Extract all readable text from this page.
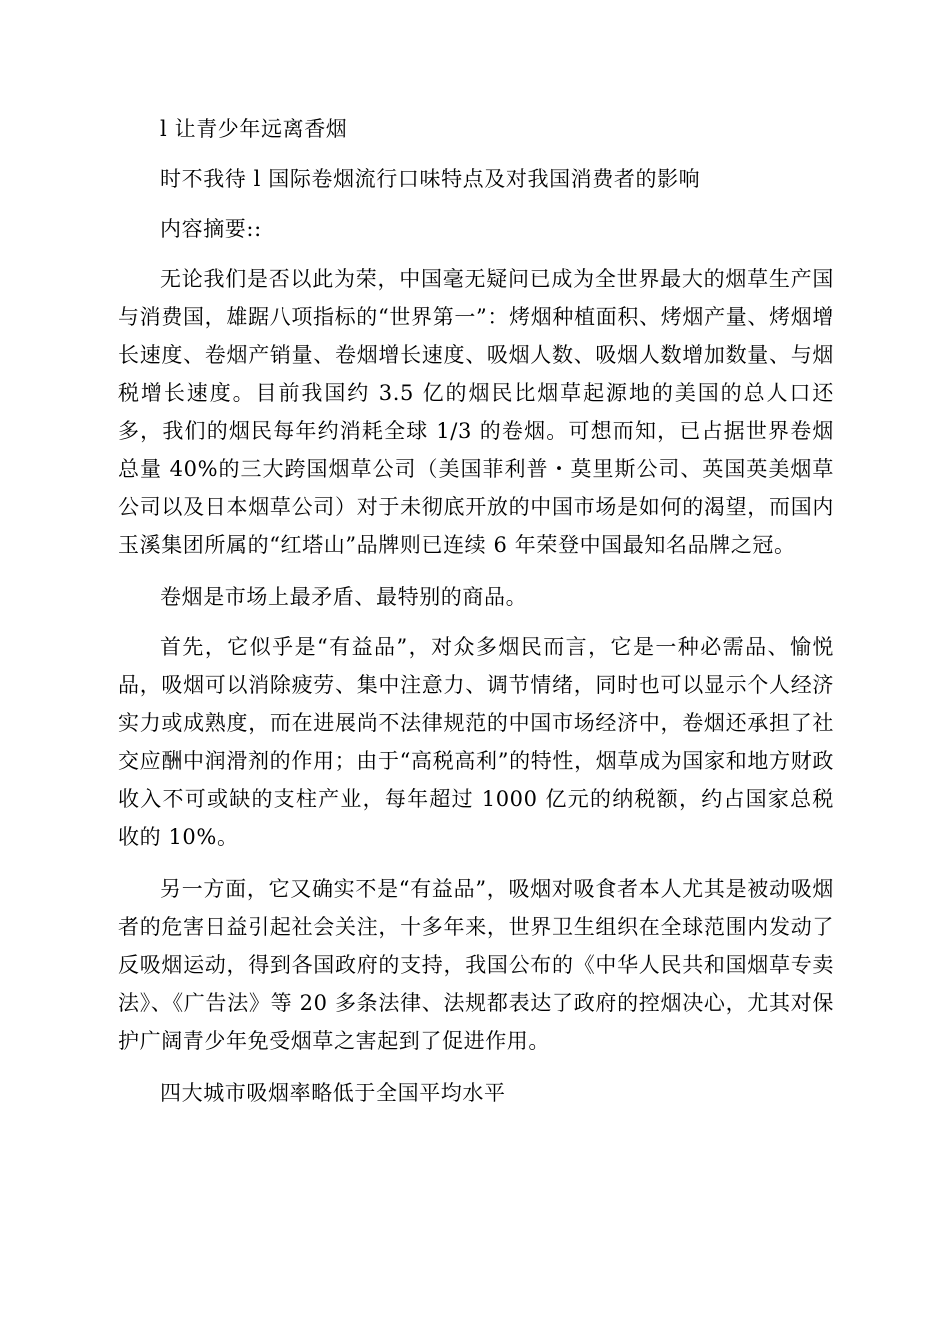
l 让青少年远离香烟

时不我待 l 国际卷烟流行口味特点及对我国消费者的影响

内容摘要::

无论我们是否以此为荣，中国毫无疑问已成为全世界最大的烟草生产国与消费国，雄踞八项指标的“世界第一”：烤烟种植面积、烤烟产量、烤烟增长速度、卷烟产销量、卷烟增长速度、吸烟人数、吸烟人数增加数量、与烟税增长速度。目前我国约 3.5 亿的烟民比烟草起源地的美国的总人口还多，我们的烟民每年约消耗全球 1/3 的卷烟。可想而知，已占据世界卷烟总量 40%的三大跨国烟草公司（美国菲利普・莫里斯公司、英国英美烟草公司以及日本烟草公司）对于未彻底开放的中国市场是如何的渴望，而国内玉溪集团所属的“红塔山”品牌则已连续 6 年荣登中国最知名品牌之冠。

卷烟是市场上最矛盾、最特别的商品。

首先，它似乎是“有益品”，对众多烟民而言，它是一种必需品、愉悦品，吸烟可以消除疲劳、集中注意力、调节情绪，同时也可以显示个人经济实力或成熟度，而在进展尚不法律规范的中国市场经济中，卷烟还承担了社交应酬中润滑剂的作用；由于“高税高利”的特性，烟草成为国家和地方财政收入不可或缺的支柱产业，每年超过 1000 亿元的纳税额，约占国家总税收的 10%。

另一方面，它又确实不是“有益品”，吸烟对吸食者本人尤其是被动吸烟者的危害日益引起社会关注，十多年来，世界卫生组织在全球范围内发动了反吸烟运动，得到各国政府的支持，我国公布的《中华人民共和国烟草专卖法》、《广告法》等 20 多条法律、法规都表达了政府的控烟决心，尤其对保护广阔青少年免受烟草之害起到了促进作用。

四大城市吸烟率略低于全国平均水平
